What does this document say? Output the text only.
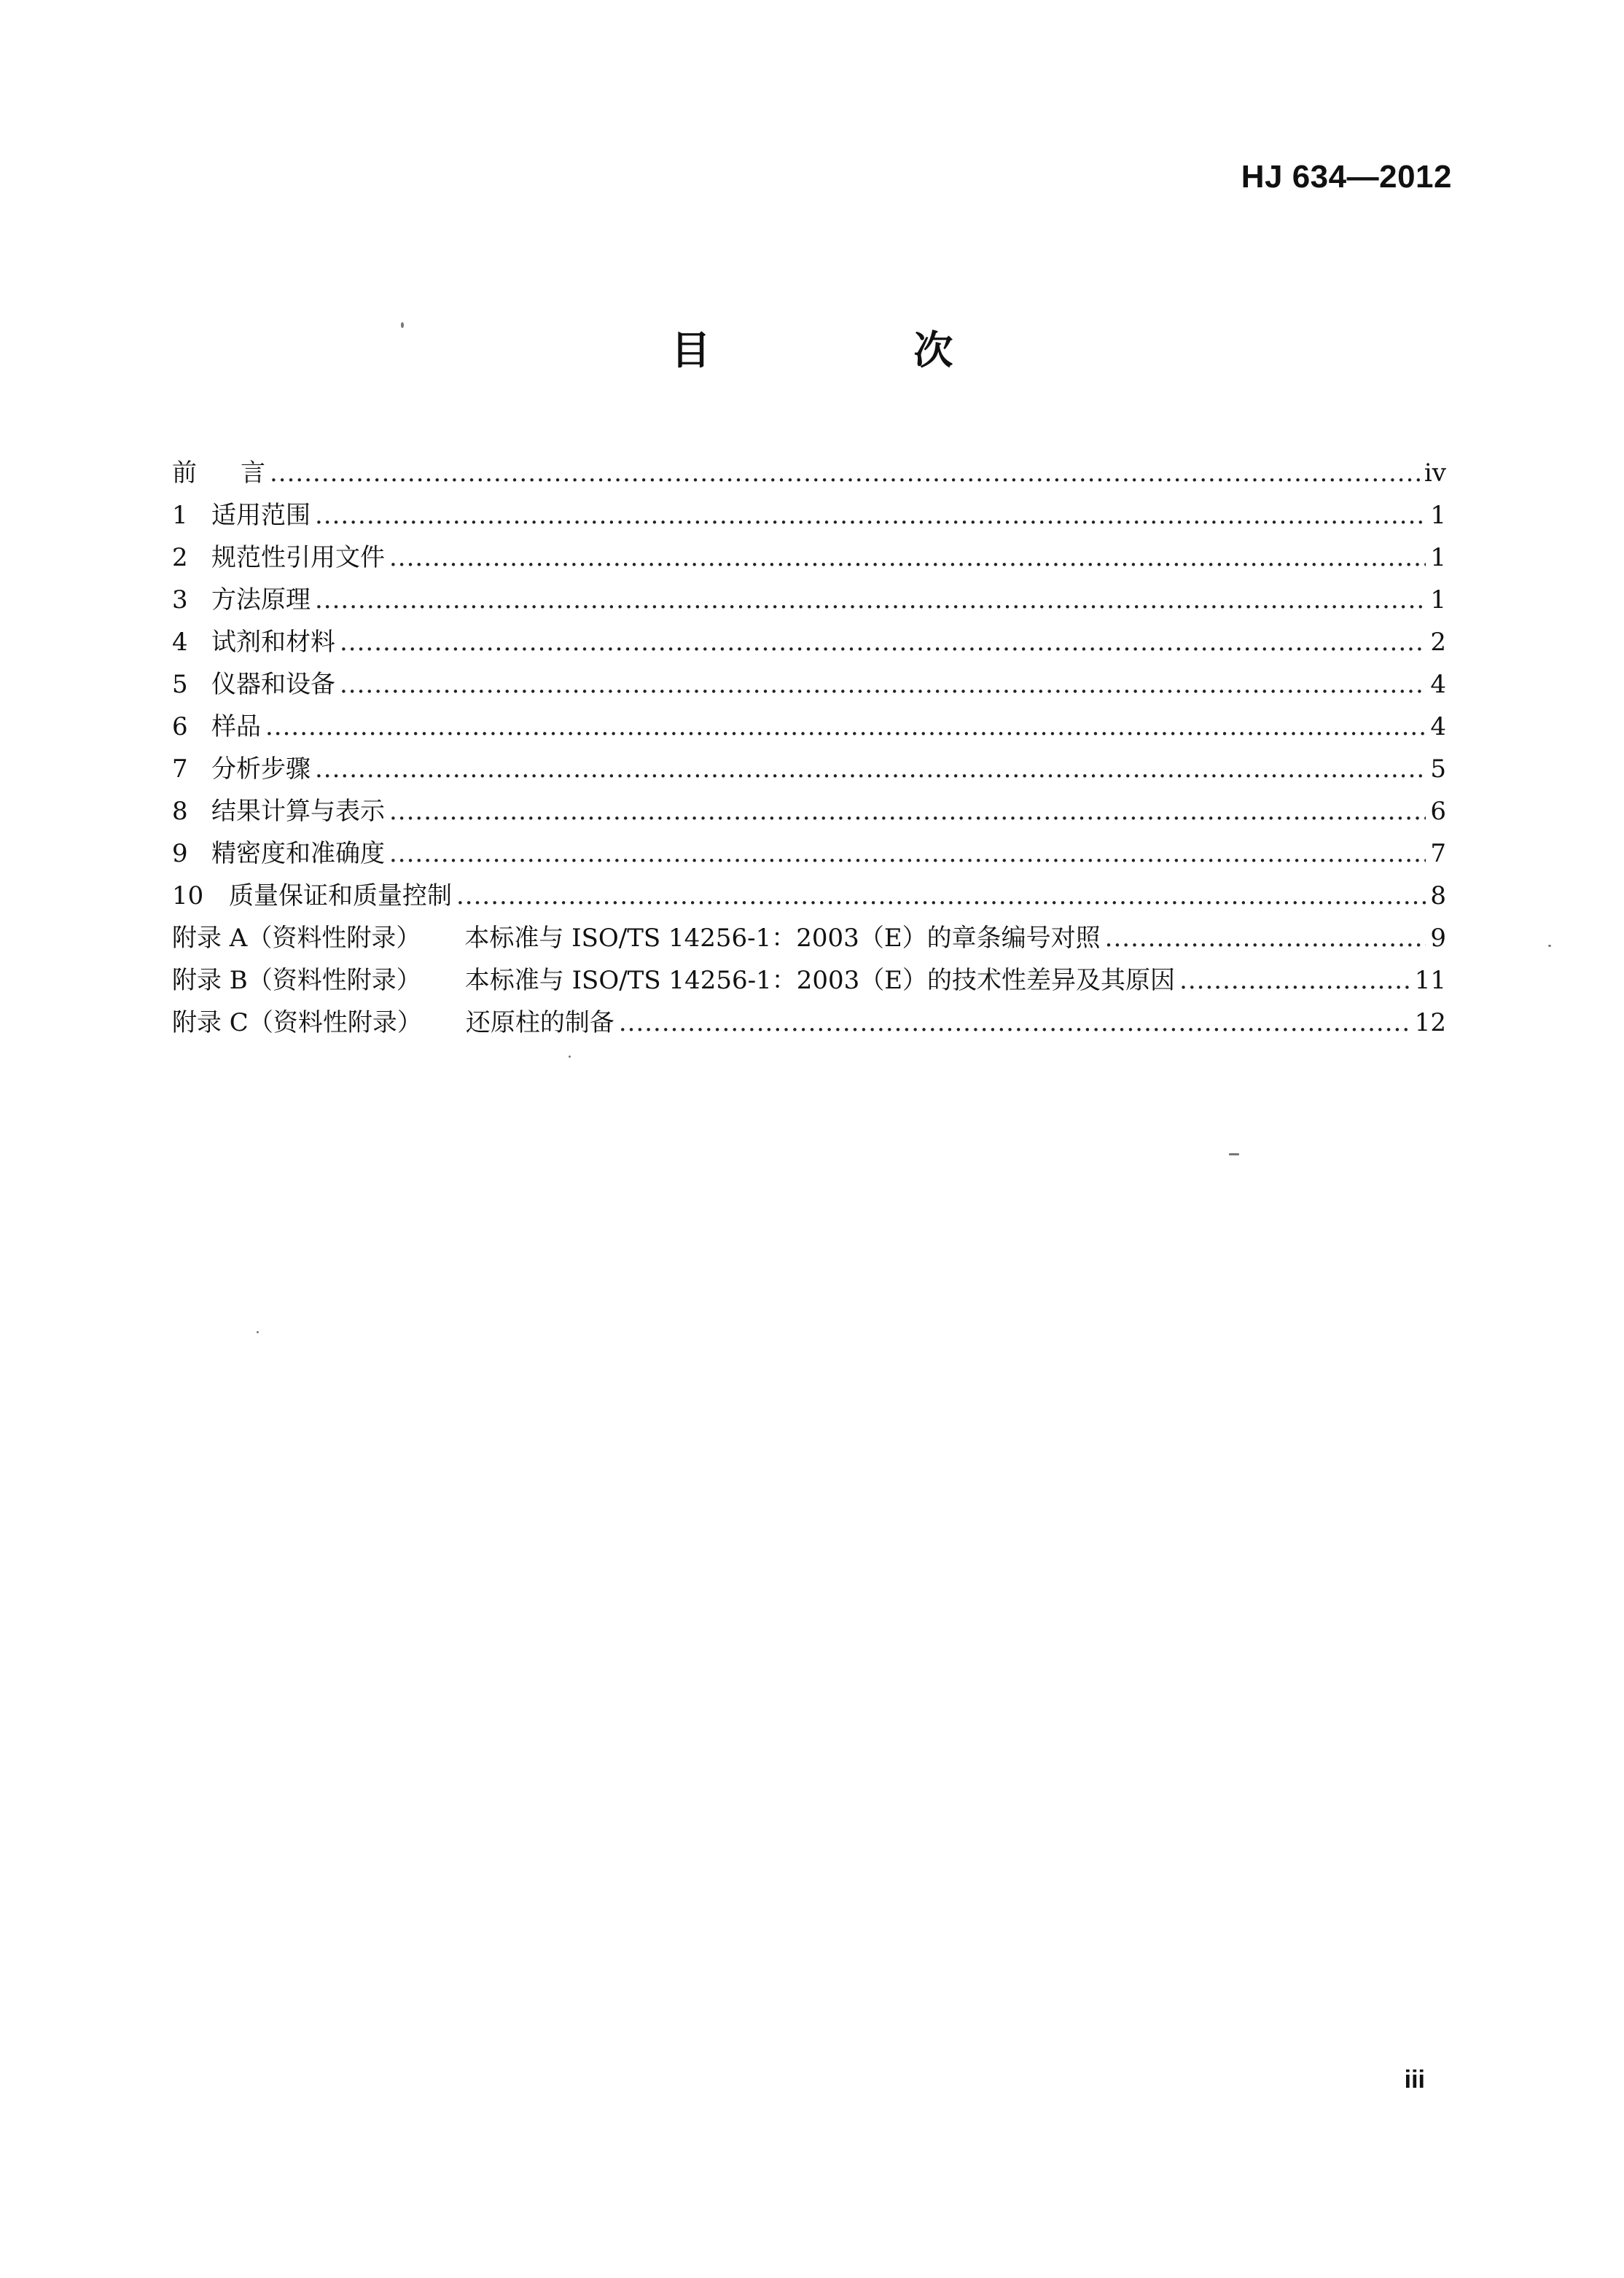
HJ 634—2012
目 次
前 言 .....	iv
1 适用范围 .....	1
2 规范性引用文件 .....	1
3 方法原理 .....	1
4 试剂和材料 .....	2
5 仪器和设备 .....	4
6 样品 .....	4
7 分析步骤 .....	5
8 结果计算与表示 .....	6
9 精密度和准确度 .....	7
10	质量保证和质量控制 .....	8
附录 A（资料性附录） 本标准与 ISO/TS 14256-1：2003（E）的章条编号对照 .....	9
附录 B（资料性附录） 本标准与 ISO/TS 14256-1：2003（E）的技术性差异及其原因 .....	11
附录 C（资料性附录） 还原柱的制备 .....	12
iii
